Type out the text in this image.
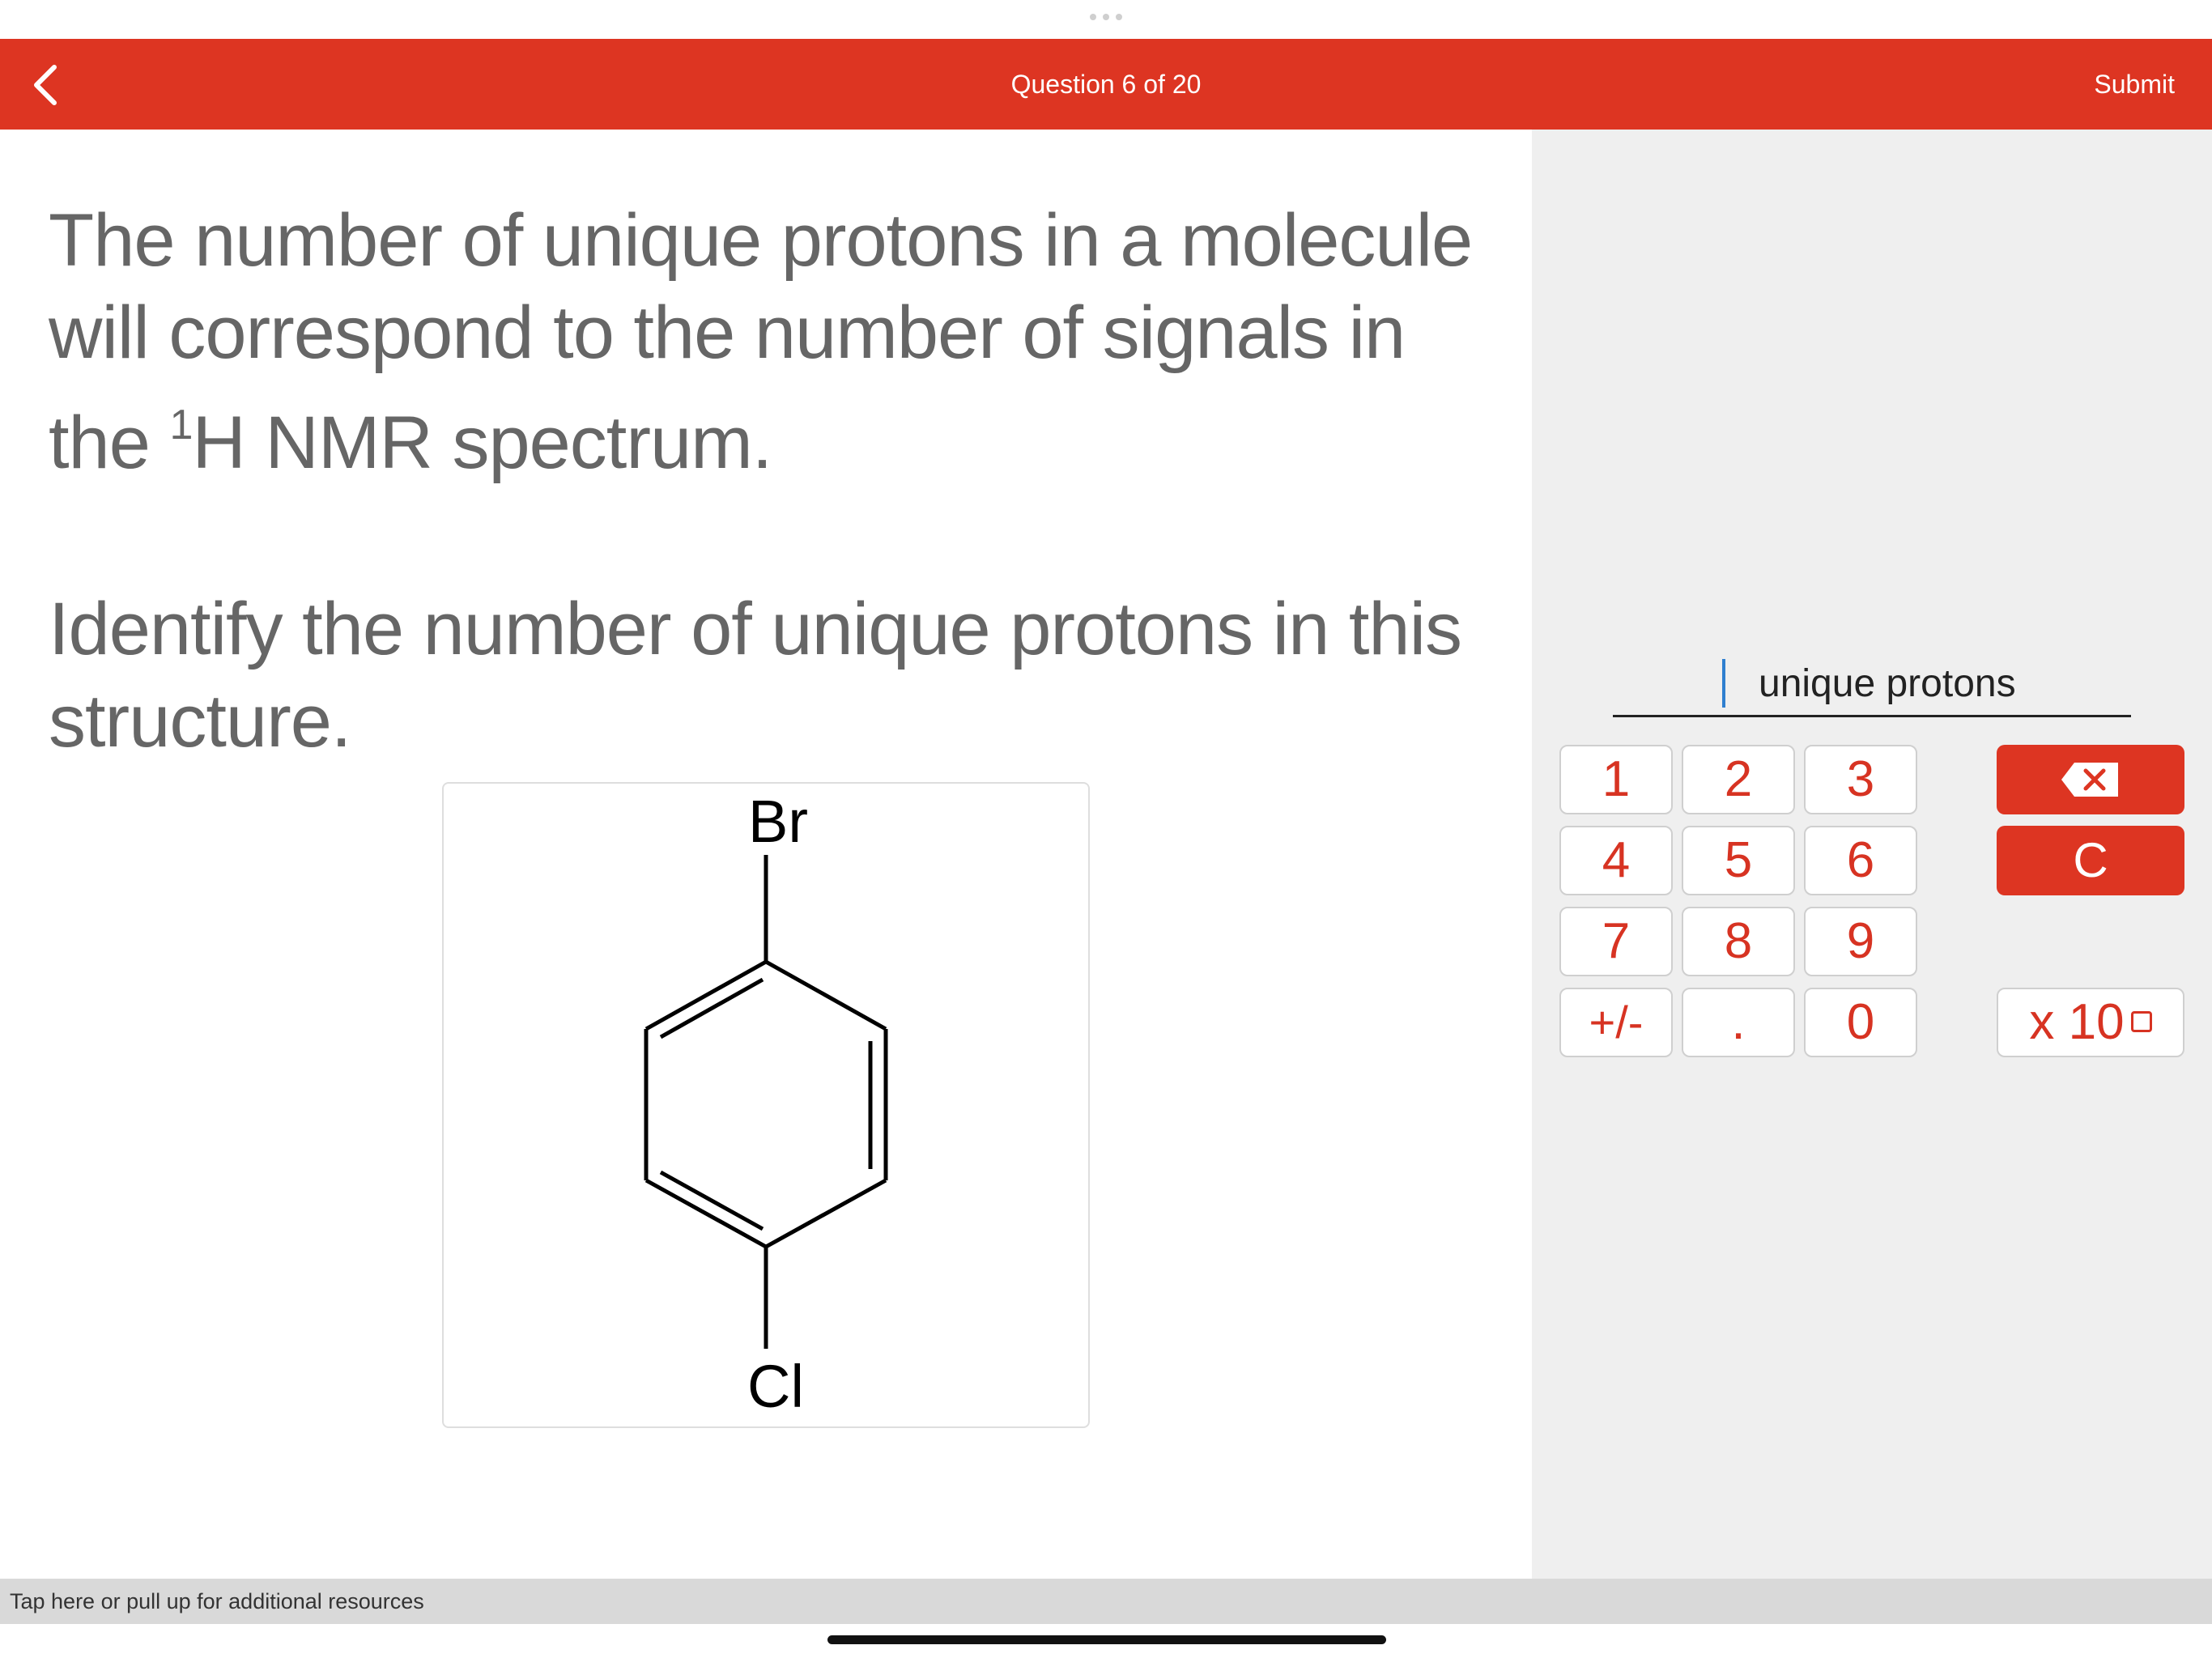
Question 6 of 20	Submit

The number of unique protons in a molecule will correspond to the number of signals in the $^1$H NMR spectrum.

Identify the number of unique protons in this structure.

Br
Cl
unique protons
1	2	3
4	5	6
7	8	9
+/-	.	0
C
x 10
Tap here or pull up for additional resources
